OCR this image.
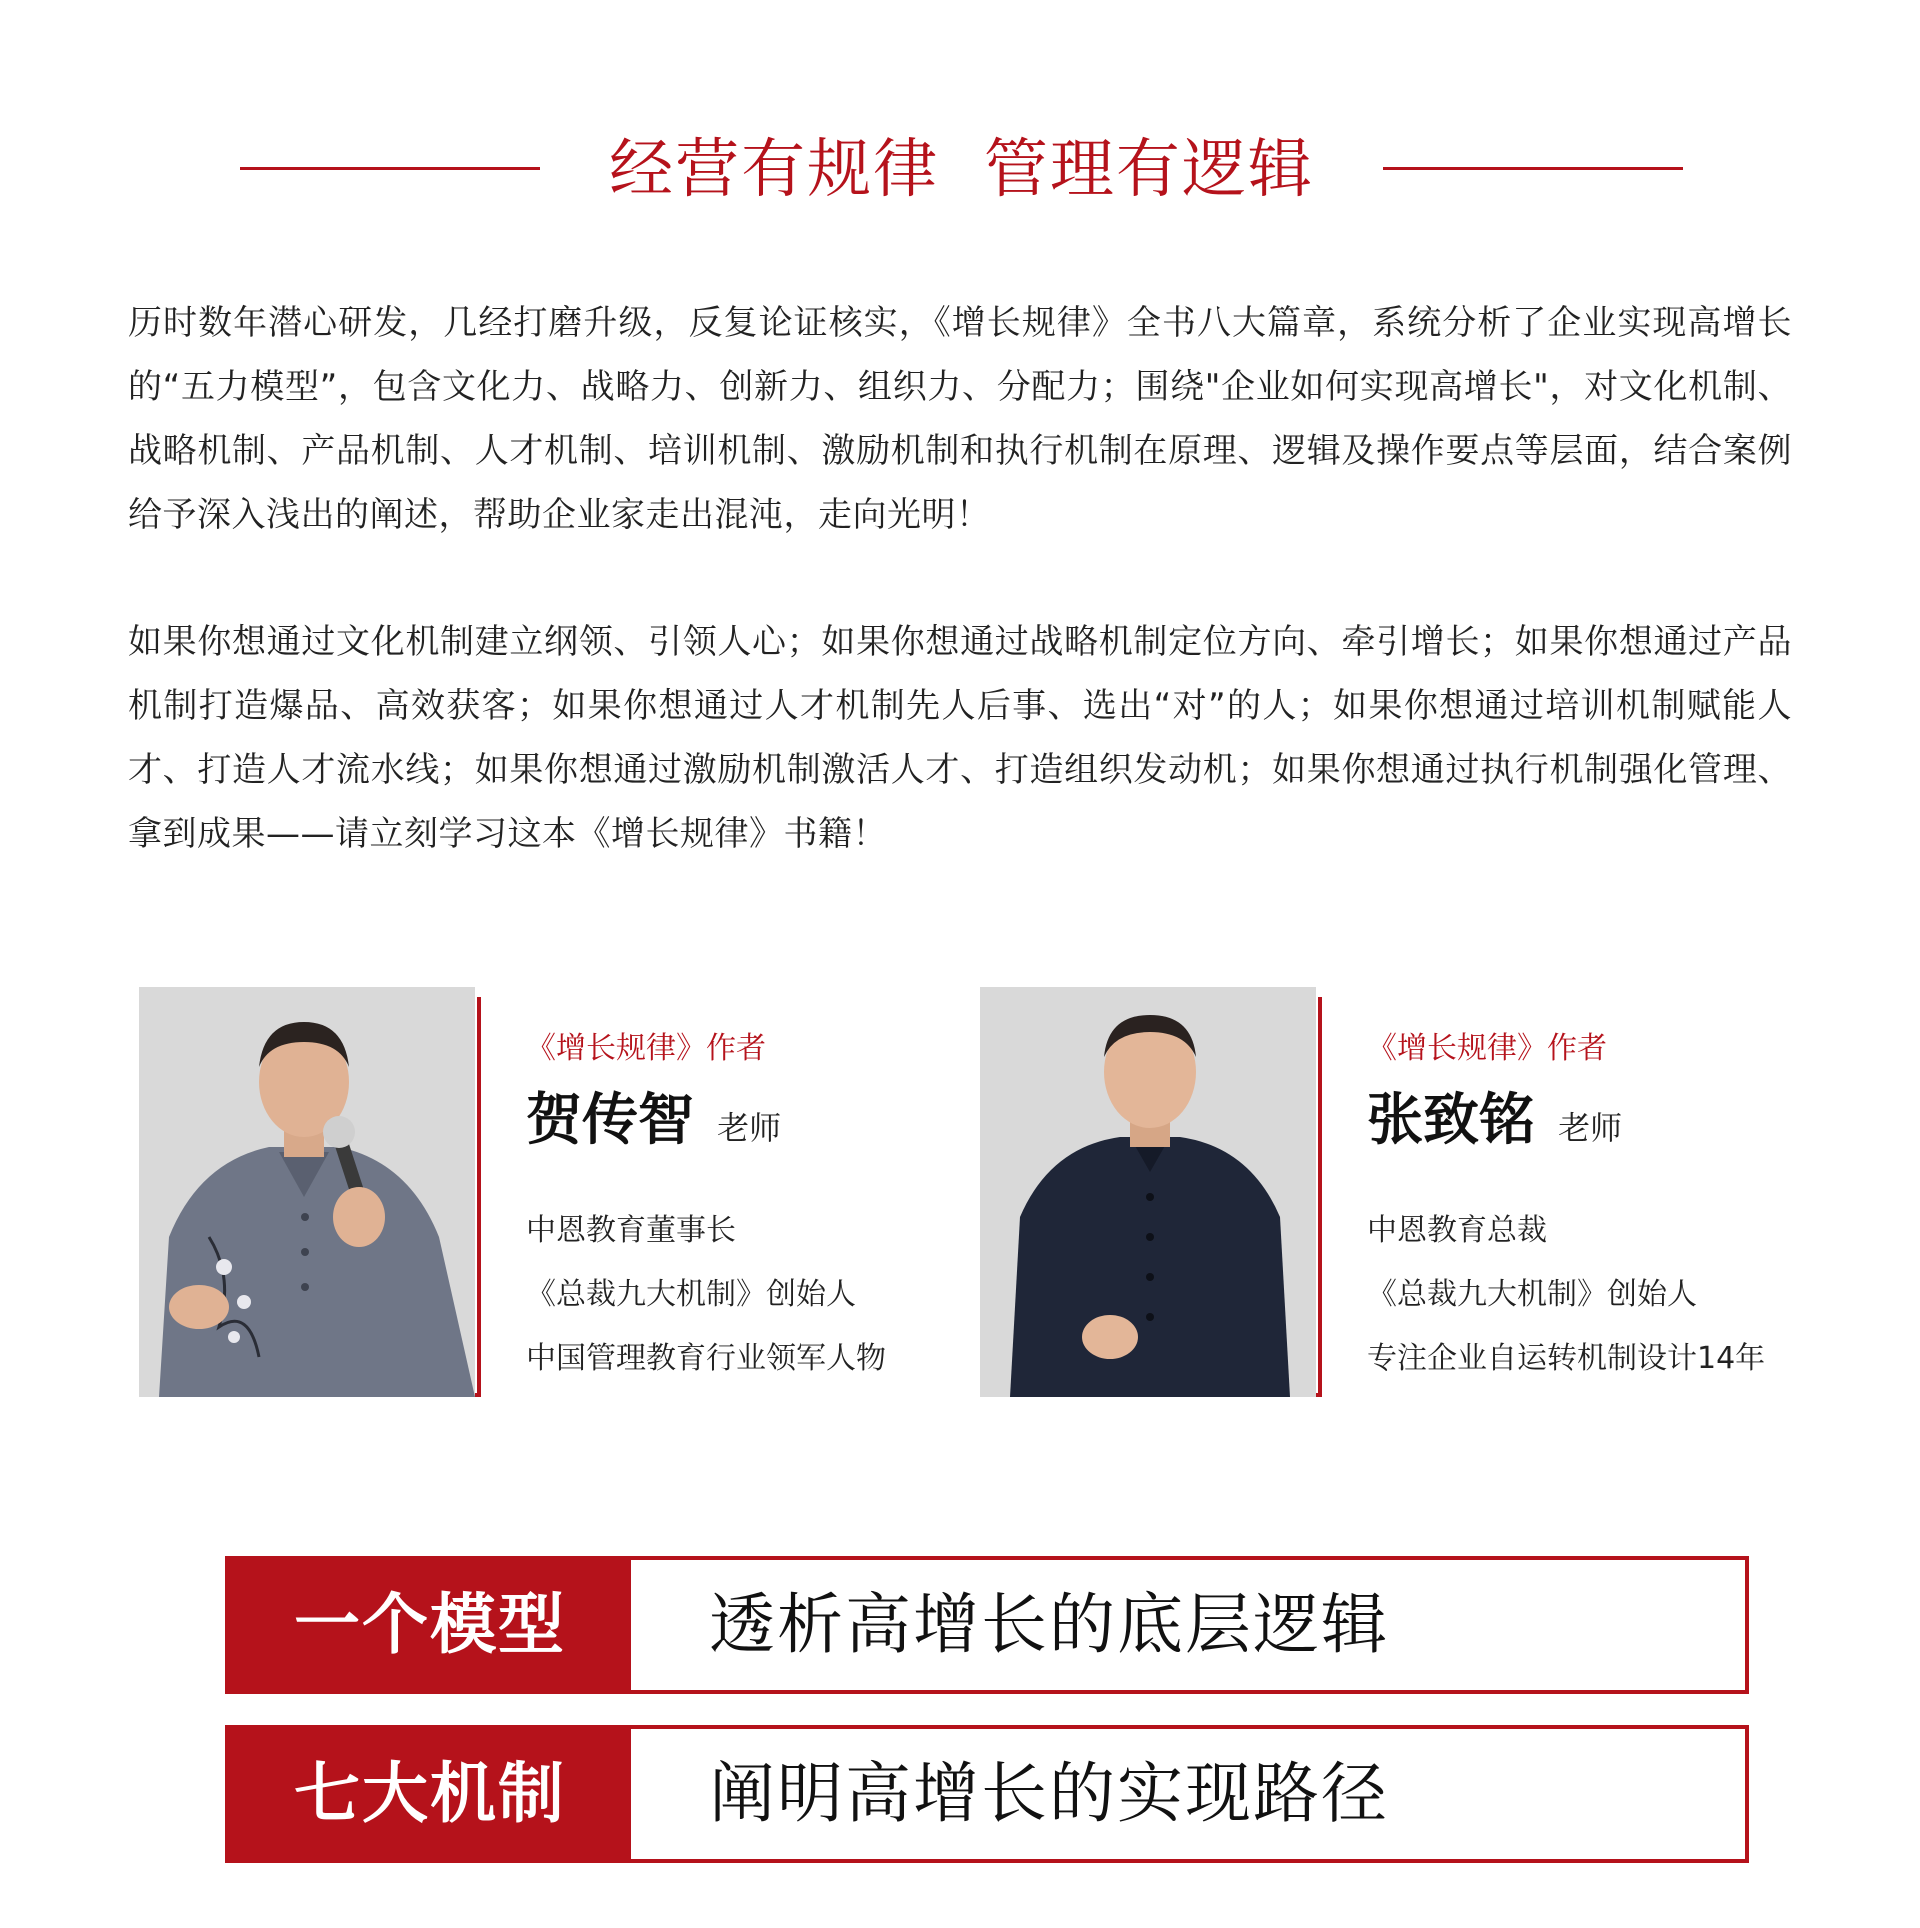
经营有规律  管理有逻辑
历时数年潜心研发，几经打磨升级，反复论证核实，《增长规律》全书八大篇章，系统分析了企业实现高增长的“五力模型”，包含文化力、战略力、创新力、组织力、分配力；围绕"企业如何实现高增长"，对文化机制、战略机制、产品机制、人才机制、培训机制、激励机制和执行机制在原理、逻辑及操作要点等层面，结合案例给予深入浅出的阐述，帮助企业家走出混沌，走向光明！
如果你想通过文化机制建立纲领、引领人心；如果你想通过战略机制定位方向、牵引增长；如果你想通过产品机制打造爆品、高效获客；如果你想通过人才机制先人后事、选出“对”的人；如果你想通过培训机制赋能人才、打造人才流水线；如果你想通过激励机制激活人才、打造组织发动机；如果你想通过执行机制强化管理、拿到成果——请立刻学习这本《增长规律》书籍！
《增长规律》作者
贺传智 老师
中恩教育董事长
《总裁九大机制》创始人
中国管理教育行业领军人物
《增长规律》作者
张致铭 老师
中恩教育总裁
《总裁九大机制》创始人
专注企业自运转机制设计14年
一个模型	透析高增长的底层逻辑
七大机制	阐明高增长的实现路径
